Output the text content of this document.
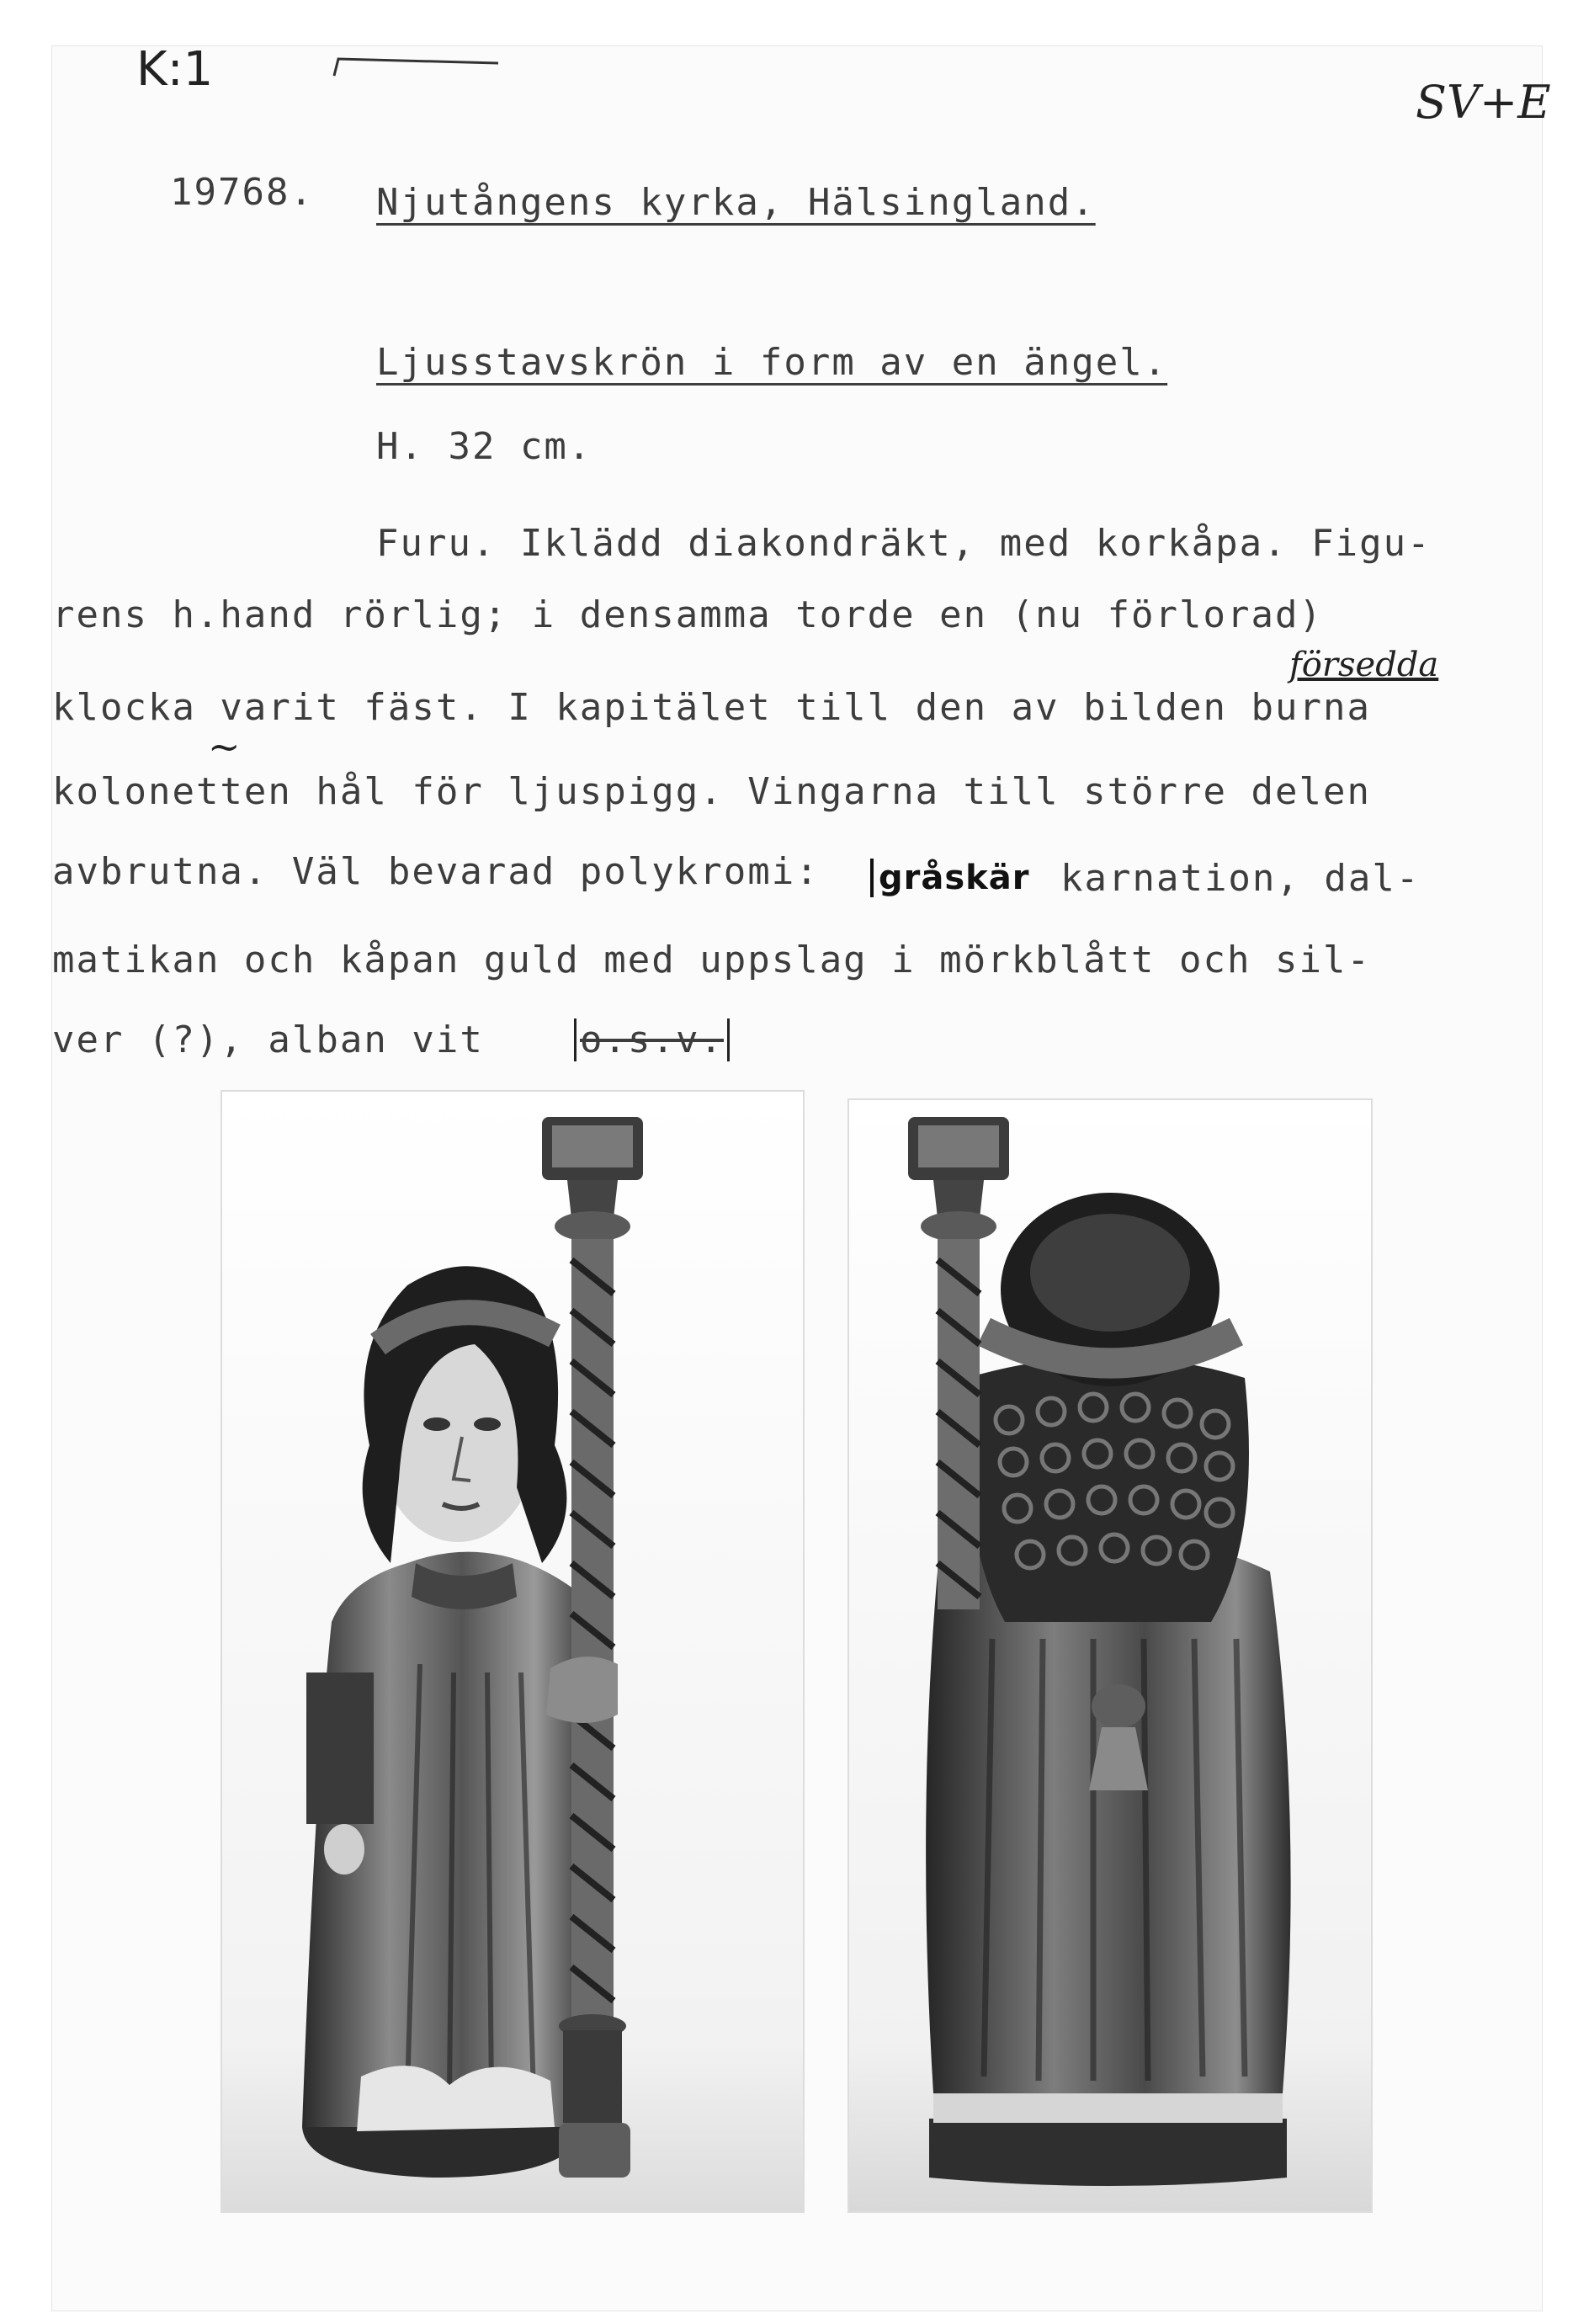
K:1
SV+E
19768. Njutångens kyrka, Hälsingland.
Ljusstavskrön i form av en ängel.
H. 32 cm.
Furu. Iklädd diakondräkt, med korkåpa. Figu-
rens h.hand rörlig; i densamma torde en (nu förlorad)
klocka varit fäst. I kapitälet till den av bilden burna
försedda
~
kolonetten hål för ljuspigg. Vingarna till större delen
avbrutna. Väl bevarad polykromi: gråskär karnation, dal-
matikan och kåpan guld med uppslag i mörkblått och sil-
ver (?), alban vit	o.s.v.
